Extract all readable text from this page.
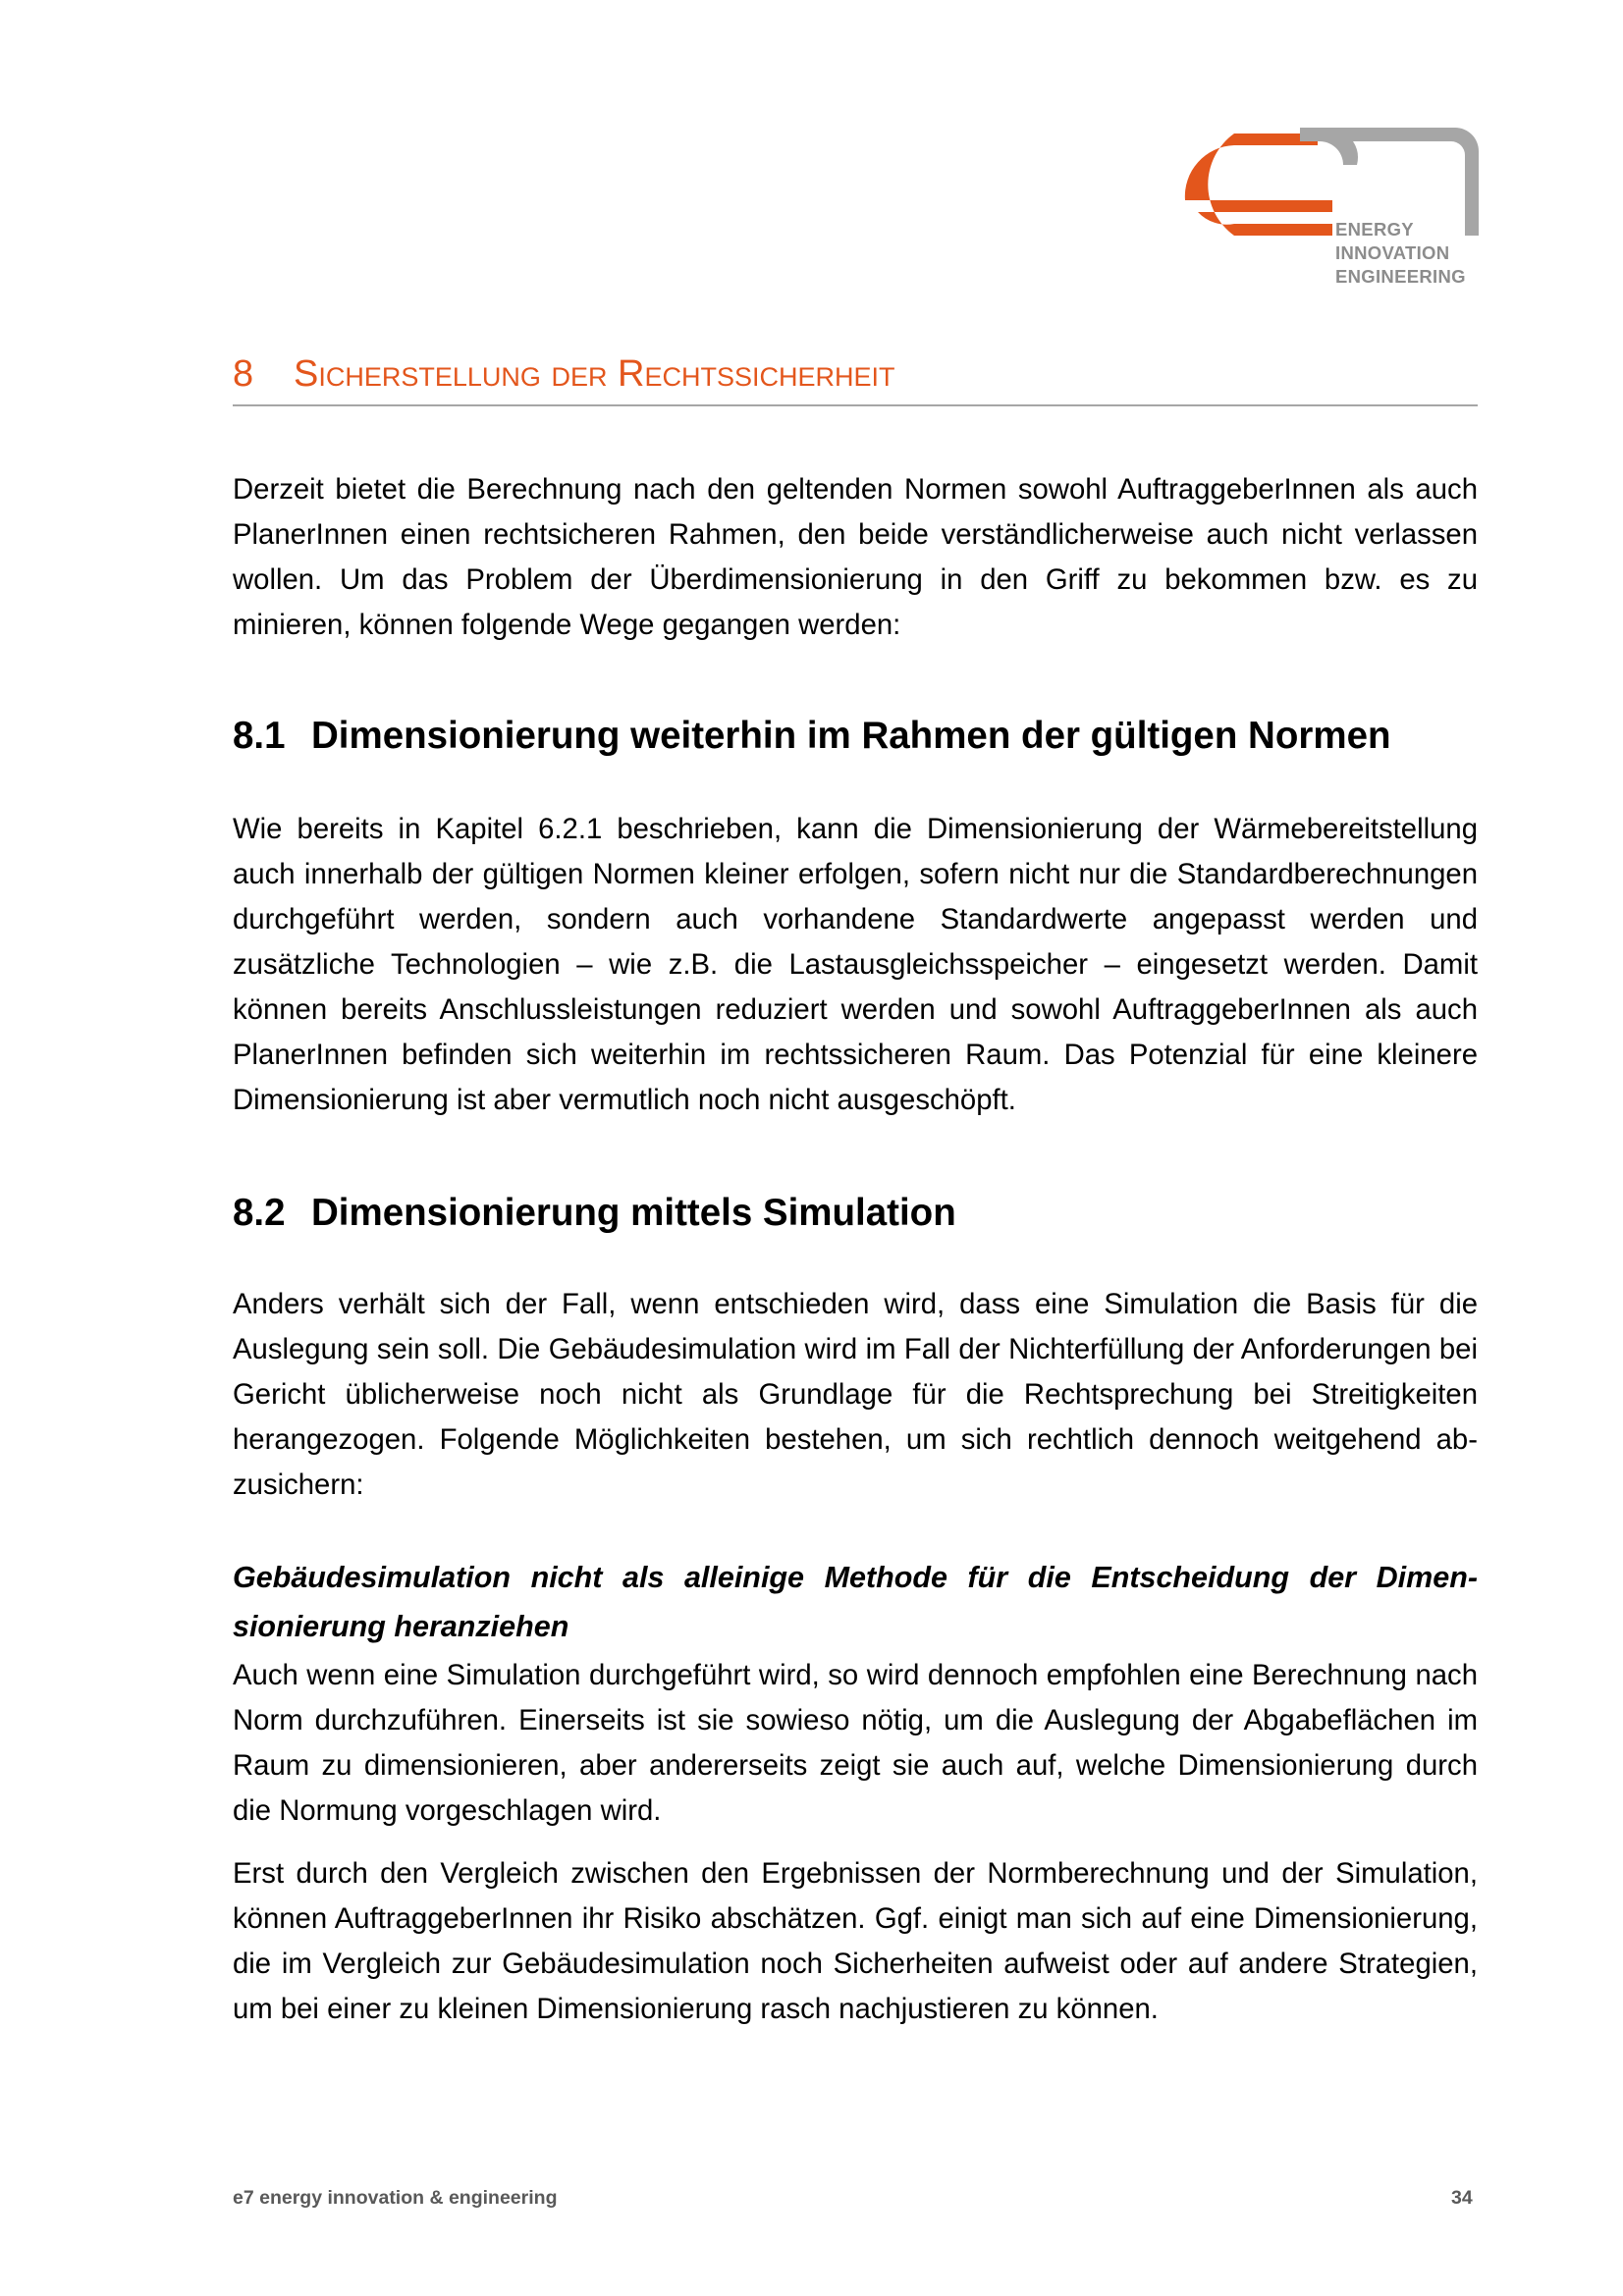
ENERGY
INNOVATION
ENGINEERING
8 Sicherstellung der Rechtssicherheit

Derzeit bietet die Berechnung nach den geltenden Normen sowohl AuftraggeberInnen als auch PlanerInnen einen rechtsicheren Rahmen, den beide verständlicherweise auch nicht verlassen wollen. Um das Problem der Überdimensionierung in den Griff zu bekommen bzw. es zu minieren, können folgende Wege gegangen werden:

8.1 Dimensionierung weiterhin im Rahmen der gültigen Normen

Wie bereits in Kapitel 6.2.1 beschrieben, kann die Dimensionierung der Wärmebereitstellung auch innerhalb der gültigen Normen kleiner erfolgen, sofern nicht nur die Standardberechnungen durchgeführt werden, sondern auch vorhandene Standardwerte angepasst werden und zusätzliche Technologien – wie z.B. die Lastausgleichsspeicher – eingesetzt werden. Damit können bereits Anschlussleistungen reduziert werden und sowohl AuftraggeberInnen als auch PlanerInnen befinden sich weiterhin im rechtssicheren Raum. Das Potenzial für eine kleinere Dimensionierung ist aber vermutlich noch nicht ausgeschöpft.

8.2 Dimensionierung mittels Simulation

Anders verhält sich der Fall, wenn entschieden wird, dass eine Simulation die Basis für die Auslegung sein soll. Die Gebäudesimulation wird im Fall der Nichterfüllung der Anforderungen bei Gericht üblicherweise noch nicht als Grundlage für die Rechtsprechung bei Streitigkeiten herangezogen. Folgende Möglichkeiten bestehen, um sich rechtlich dennoch weitgehend abzusichern:

Gebäudesimulation nicht als alleinige Methode für die Entscheidung der Dimensionierung heranziehen

Auch wenn eine Simulation durchgeführt wird, so wird dennoch empfohlen eine Berechnung nach Norm durchzuführen. Einerseits ist sie sowieso nötig, um die Auslegung der Abgabeflächen im Raum zu dimensionieren, aber andererseits zeigt sie auch auf, welche Dimensionierung durch die Normung vorgeschlagen wird.

Erst durch den Vergleich zwischen den Ergebnissen der Normberechnung und der Simulation, können AuftraggeberInnen ihr Risiko abschätzen. Ggf. einigt man sich auf eine Dimensionierung, die im Vergleich zur Gebäudesimulation noch Sicherheiten aufweist oder auf andere Strategien, um bei einer zu kleinen Dimensionierung rasch nachjustieren zu können.

e7 energy innovation & engineering	34
